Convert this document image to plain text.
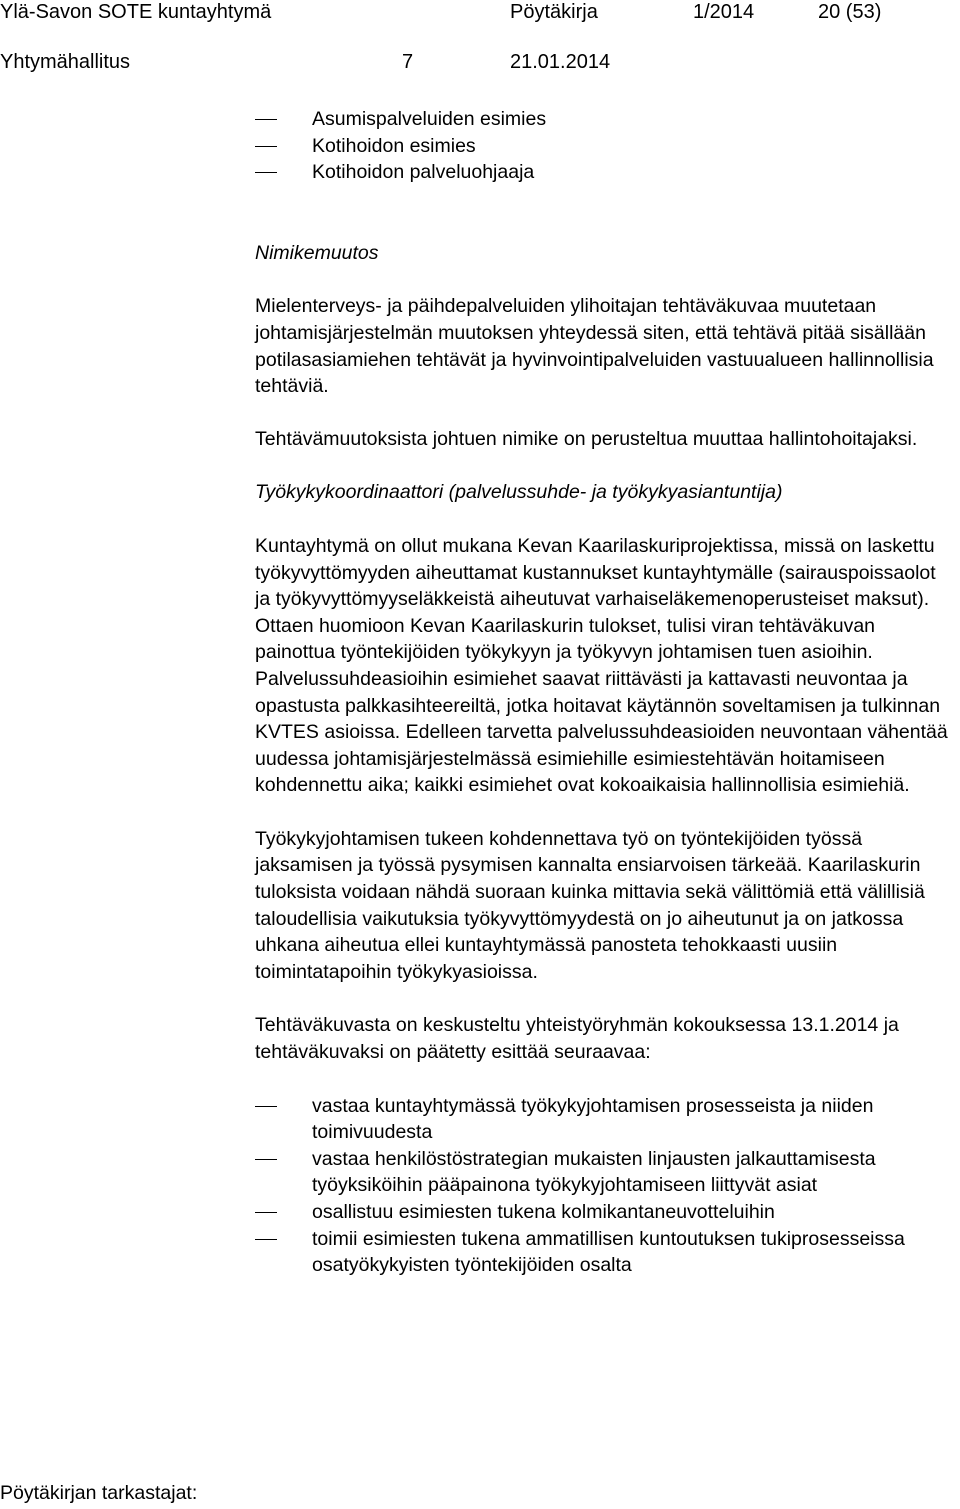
Ylä-Savon SOTE kuntayhtymä	Pöytäkirja	1/2014	20 (53)
Yhtymähallitus	7	21.01.2014
Asumispalveluiden esimies
Kotihoidon esimies
Kotihoidon palveluohjaaja
Nimikemuutos

Mielenterveys- ja päihdepalveluiden ylihoitajan tehtäväkuvaa muutetaan johtamisjärjestelmän muutoksen yhteydessä siten, että tehtävä pitää sisällään potilasasiamiehen tehtävät ja hyvinvointipalveluiden vastuualueen hallinnollisia tehtäviä.

Tehtävämuutoksista johtuen nimike on perusteltua muuttaa hallintohoitajaksi.

Työkykykoordinaattori (palvelussuhde- ja työkykyasiantuntija)

Kuntayhtymä on ollut mukana Kevan Kaarilaskuriprojektissa, missä on laskettu työkyvyttömyyden aiheuttamat kustannukset kuntayhtymälle (sairauspoissaolot ja työkyvyttömyyseläkkeistä aiheutuvat varhaiseläkemenoperusteiset maksut). Ottaen huomioon Kevan Kaarilaskurin tulokset, tulisi viran tehtäväkuvan painottua työntekijöiden työkykyyn ja työkyvyn johtamisen tuen asioihin. Palvelussuhdeasioihin esimiehet saavat riittävästi ja kattavasti neuvontaa ja opastusta palkkasihteereiltä, jotka hoitavat käytännön soveltamisen ja tulkinnan KVTES asioissa. Edelleen tarvetta palvelussuhdeasioiden neuvontaan vähentää uudessa johtamisjärjestelmässä esimiehille esimiestehtävän hoitamiseen kohdennettu aika; kaikki esimiehet ovat kokoaikaisia hallinnollisia esimiehiä.

Työkykyjohtamisen tukeen kohdennettava työ on työntekijöiden työssä jaksamisen ja työssä pysymisen kannalta ensiarvoisen tärkeää. Kaarilaskurin tuloksista voidaan nähdä suoraan kuinka mittavia sekä välittömiä että välillisiä taloudellisia vaikutuksia työkyvyttömyydestä on jo aiheutunut ja on jatkossa uhkana aiheutua ellei kuntayhtymässä panosteta tehokkaasti uusiin toimintatapoihin työkykyasioissa.

Tehtäväkuvasta on keskusteltu yhteistyöryhmän kokouksessa 13.1.2014 ja tehtäväkuvaksi on päätetty esittää seuraavaa:

vastaa kuntayhtymässä työkykyjohtamisen prosesseista ja niiden toimivuudesta
vastaa henkilöstöstrategian mukaisten linjausten jalkauttamisesta työyksiköihin pääpainona työkykyjohtamiseen liittyvät asiat
osallistuu esimiesten tukena kolmikantaneuvotteluihin
toimii esimiesten tukena ammatillisen kuntoutuksen tukiprosesseissa osatyökykyisten työntekijöiden osalta
Pöytäkirjan tarkastajat:
